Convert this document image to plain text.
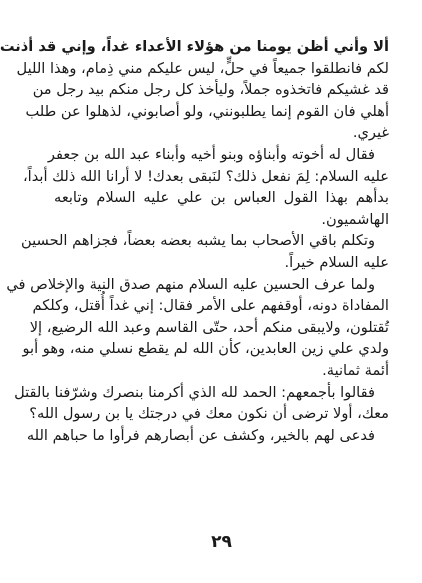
ألا وأني أظن يومنا من هؤلاء الأعداء غداً، وإني قد أذنت
لكم فانطلقوا جميعاً في حلٍّ، ليس عليكم مني ذِمام، وهذا الليل
قد غشيكم فاتخذوه جملاً، وليأخذ كل رجل منكم بيد رجل من
أهلي فان القوم إنما يطلبونني، ولو أصابوني، لذهلوا عن طلب
غيري.
فقال له أخوته وأبناؤه وبنو أخيه وأبناء عبد الله بن جعفر
عليه السلام: لِمَ نفعل ذلك؟ لنَبقى بعدك! لا أرانا الله ذلك أبداً،
بدأهم بهذا القول العباس بن علي عليه السلام وتابعه
الهاشميون.
وتكلم باقي الأصحاب بما يشبه بعضه بعضاً، فجزاهم الحسين
عليه السلام خيراً.
ولما عرف الحسين عليه السلام منهم صدق النية والإخلاص في
المفاداة دونه، أوقفهم على الأمر فقال: إني غداً أُقتل، وكلكم
تُقتلون، ولايبقى منكم أحد، حتّى القاسم وعبد الله الرضيع، إلا
ولدي علي زين العابدين، كأن الله لم يقطع نسلي منه، وهو أبو
أئمة ثمانية.
فقالوا بأجمعهم: الحمد لله الذي أكرمنا بنصرك وشرّفنا بالقتل
معك، أولا ترضى أن نكون معك في درجتك يا بن رسول الله؟
فدعى لهم بالخير، وكشف عن أبصارهم فرأوا ما حباهم الله
٢٩
